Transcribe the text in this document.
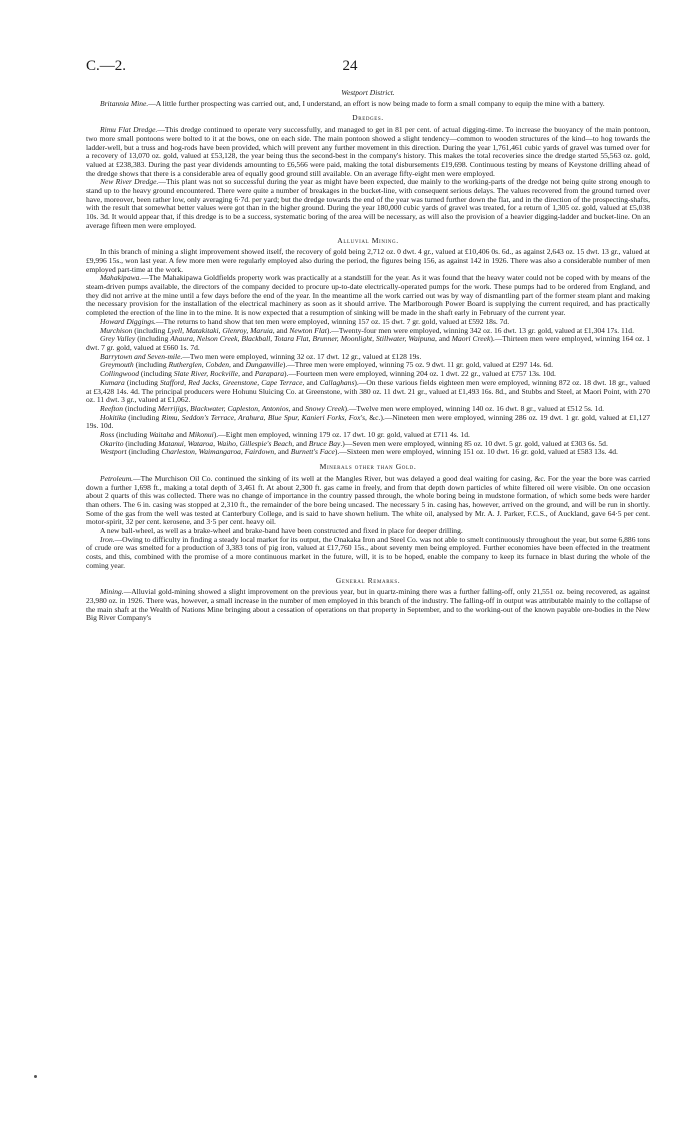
C.—2.	24
Westport District.

Britannia Mine.—A little further prospecting was carried out, and, I understand, an effort is now being made to form a small company to equip the mine with a battery.

Dredges.

Rimu Flat Dredge.—This dredge continued to operate very successfully, and managed to get in 81 per cent. of actual digging-time. To increase the buoyancy of the main pontoon, two more small pontoons were bolted to it at the bows, one on each side. The main pontoon showed a slight tendency—common to wooden structures of the kind—to hog towards the ladder-well, but a truss and hog-rods have been provided, which will prevent any further movement in this direction. During the year 1,761,461 cubic yards of gravel was turned over for a recovery of 13,070 oz. gold, valued at £53,128, the year being thus the second-best in the company's history. This makes the total recoveries since the dredge started 55,563 oz. gold, valued at £238,383. During the past year dividends amounting to £6,566 were paid, making the total disbursements £19,698. Continuous testing by means of Keystone drilling ahead of the dredge shows that there is a considerable area of equally good ground still available. On an average fifty-eight men were employed.

New River Dredge.—This plant was not so successful during the year as might have been expected, due mainly to the working-parts of the dredge not being quite strong enough to stand up to the heavy ground encountered. There were quite a number of breakages in the bucket-line, with consequent serious delays. The values recovered from the ground turned over have, moreover, been rather low, only averaging 6·7d. per yard; but the dredge towards the end of the year was turned further down the flat, and in the direction of the prospecting-shafts, with the result that somewhat better values were got than in the higher ground. During the year 180,000 cubic yards of gravel was treated, for a return of 1,305 oz. gold, valued at £5,038 10s. 3d. It would appear that, if this dredge is to be a success, systematic boring of the area will be necessary, as will also the provision of a heavier digging-ladder and bucket-line. On an average fifteen men were employed.

Alluvial Mining.

In this branch of mining a slight improvement showed itself, the recovery of gold being 2,712 oz. 0 dwt. 4 gr., valued at £10,406 0s. 6d., as against 2,643 oz. 15 dwt. 13 gr., valued at £9,996 15s., won last year. A few more men were regularly employed also during the period, the figures being 156, as against 142 in 1926. There was also a considerable number of men employed part-time at the work.

Mahakipawa.—The Mahakipawa Goldfields property work was practically at a standstill for the year. As it was found that the heavy water could not be coped with by means of the steam-driven pumps available, the directors of the company decided to procure up-to-date electrically-operated pumps for the work. These pumps had to be ordered from England, and they did not arrive at the mine until a few days before the end of the year. In the meantime all the work carried out was by way of dismantling part of the former steam plant and making the necessary provision for the installation of the electrical machinery as soon as it should arrive. The Marlborough Power Board is supplying the current required, and has practically completed the erection of the line in to the mine. It is now expected that a resumption of sinking will be made in the shaft early in February of the current year.

Howard Diggings.—The returns to hand show that ten men were employed, winning 157 oz. 15 dwt. 7 gr. gold, valued at £592 18s. 7d.

Murchison (including Lyell, Matakitaki, Glenroy, Maruia, and Newton Flat).—Twenty-four men were employed, winning 342 oz. 16 dwt. 13 gr. gold, valued at £1,304 17s. 11d.

Grey Valley (including Ahaura, Nelson Creek, Blackball, Totara Flat, Brunner, Moonlight, Stillwater, Waipuna, and Maori Creek).—Thirteen men were employed, winning 164 oz. 1 dwt. 7 gr. gold, valued at £660 1s. 7d.

Barrytown and Seven-mile.—Two men were employed, winning 32 oz. 17 dwt. 12 gr., valued at £128 19s.

Greymouth (including Rutherglen, Cobden, and Dunganville).—Three men were employed, winning 75 oz. 9 dwt. 11 gr. gold, valued at £297 14s. 6d.

Collingwood (including Slate River, Rockville, and Parapara).—Fourteen men were employed, winning 204 oz. 1 dwt. 22 gr., valued at £757 13s. 10d.

Kumara (including Stafford, Red Jacks, Greenstone, Cape Terrace, and Callaghans).—On these various fields eighteen men were employed, winning 872 oz. 18 dwt. 18 gr., valued at £3,428 14s. 4d. The principal producers were Hohunu Sluicing Co. at Greenstone, with 380 oz. 11 dwt. 21 gr., valued at £1,493 16s. 8d., and Stubbs and Steel, at Maori Point, with 270 oz. 11 dwt. 3 gr., valued at £1,062.

Reefton (including Merrijigs, Blackwater, Capleston, Antonios, and Snowy Creek).—Twelve men were employed, winning 140 oz. 16 dwt. 8 gr., valued at £512 5s. 1d.

Hokitika (including Rimu, Seddon's Terrace, Arahura, Blue Spur, Kanieri Forks, Fox's, &c.).—Nineteen men were employed, winning 286 oz. 19 dwt. 1 gr. gold, valued at £1,127 19s. 10d.

Ross (including Waitaha and Mikonui).—Eight men employed, winning 179 oz. 17 dwt. 10 gr. gold, valued at £711 4s. 1d.

Okarito (including Matanui, Wataroa, Waiho, Gillespie's Beach, and Bruce Bay.)—Seven men were employed, winning 85 oz. 10 dwt. 5 gr. gold, valued at £303 6s. 5d.

Westport (including Charleston, Waimangaroa, Fairdown, and Burnett's Face).—Sixteen men were employed, winning 151 oz. 10 dwt. 16 gr. gold, valued at £583 13s. 4d.

Minerals other than Gold.

Petroleum.—The Murchison Oil Co. continued the sinking of its well at the Mangles River, but was delayed a good deal waiting for casing, &c. For the year the bore was carried down a further 1,698 ft., making a total depth of 3,461 ft. At about 2,300 ft. gas came in freely, and from that depth down particles of white filtered oil were visible. On one occasion about 2 quarts of this was collected. There was no change of importance in the country passed through, the whole boring being in mudstone formation, of which some beds were harder than others. The 6 in. casing was stopped at 2,310 ft., the remainder of the bore being uncased. The necessary 5 in. casing has, however, arrived on the ground, and will be run in shortly. Some of the gas from the well was tested at Canterbury College, and is said to have shown helium. The white oil, analysed by Mr. A. J. Parker, F.C.S., of Auckland, gave 64·5 per cent. motor-spirit, 32 per cent. kerosene, and 3·5 per cent. heavy oil.

A new ball-wheel, as well as a brake-wheel and brake-band have been constructed and fixed in place for deeper drilling.

Iron.—Owing to difficulty in finding a steady local market for its output, the Onakaka Iron and Steel Co. was not able to smelt continuously throughout the year, but some 6,886 tons of crude ore was smelted for a production of 3,383 tons of pig iron, valued at £17,760 15s., about seventy men being employed. Further economies have been effected in the treatment costs, and this, combined with the promise of a more continuous market in the future, will, it is to be hoped, enable the company to keep its furnace in blast during the whole of the coming year.

General Remarks.

Mining.—Alluvial gold-mining showed a slight improvement on the previous year, but in quartz-mining there was a further falling-off, only 21,551 oz. being recovered, as against 23,980 oz. in 1926. There was, however, a small increase in the number of men employed in this branch of the industry. The falling-off in output was attributable mainly to the collapse of the main shaft at the Wealth of Nations Mine bringing about a cessation of operations on that property in September, and to the working-out of the known payable ore-bodies in the New Big River Company's
